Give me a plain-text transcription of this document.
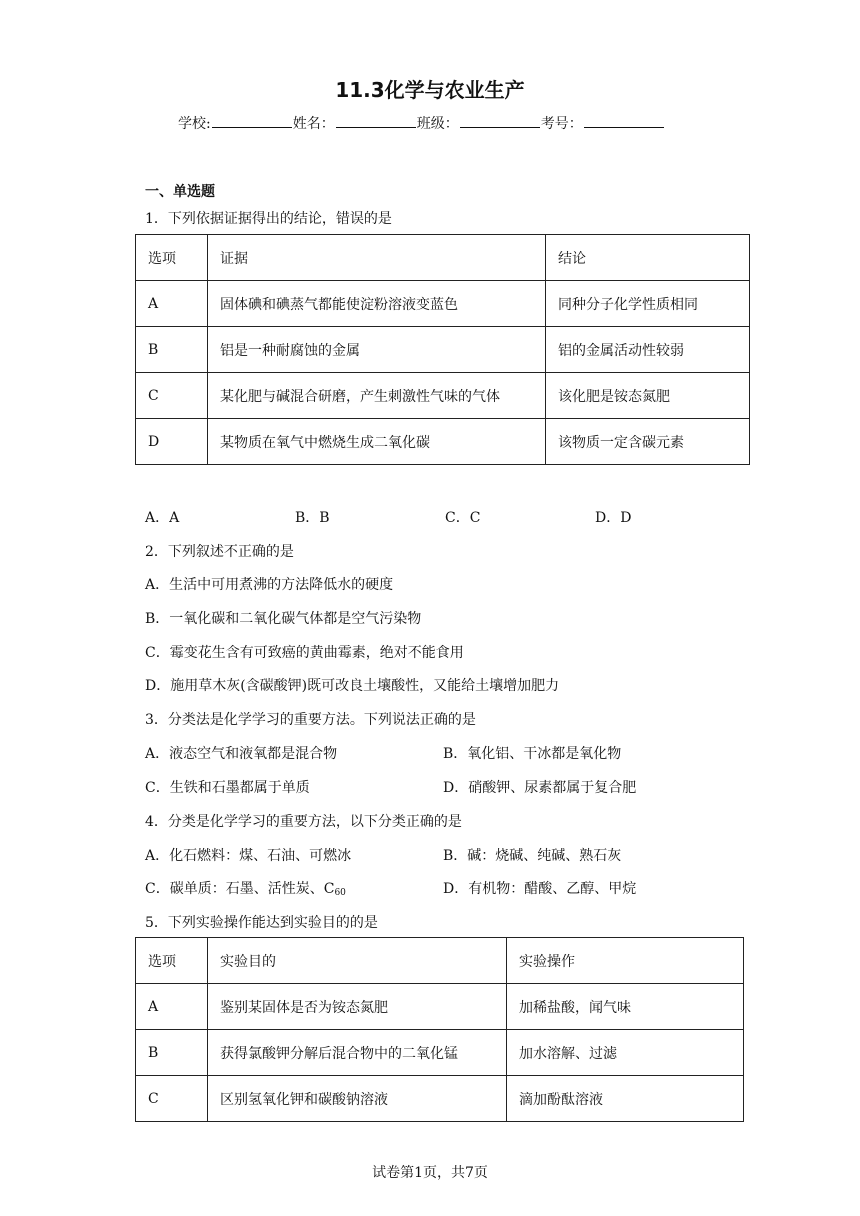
11.3化学与农业生产
学校:	姓名：	班级：	考号：
一、单选题
1．下列依据证据得出的结论，错误的是
选项	证据	结论
A	固体碘和碘蒸气都能使淀粉溶液变蓝色	同种分子化学性质相同
B	铝是一种耐腐蚀的金属	铝的金属活动性较弱
C	某化肥与碱混合研磨，产生刺激性气味的气体	该化肥是铵态氮肥
D	某物质在氧气中燃烧生成二氧化碳	该物质一定含碳元素
A．A	B．B	C．C	D．D
2．下列叙述不正确的是
A．生活中可用煮沸的方法降低水的硬度
B．一氧化碳和二氧化碳气体都是空气污染物
C．霉变花生含有可致癌的黄曲霉素，绝对不能食用
D．施用草木灰(含碳酸钾)既可改良土壤酸性，又能给土壤增加肥力
3．分类法是化学学习的重要方法。下列说法正确的是
A．液态空气和液氧都是混合物	B．氧化铝、干冰都是氧化物
C．生铁和石墨都属于单质	D．硝酸钾、尿素都属于复合肥
4．分类是化学学习的重要方法，以下分类正确的是
A．化石燃料：煤、石油、可燃冰	B．碱：烧碱、纯碱、熟石灰
C．碳单质：石墨、活性炭、$C_{60}$	D．有机物：醋酸、乙醇、甲烷
5．下列实验操作能达到实验目的的是
选项	实验目的	实验操作
A	鉴别某固体是否为铵态氮肥	加稀盐酸，闻气味
B	获得氯酸钾分解后混合物中的二氧化锰	加水溶解、过滤
C	区别氢氧化钾和碳酸钠溶液	滴加酚酞溶液
试卷第1页，共7页
